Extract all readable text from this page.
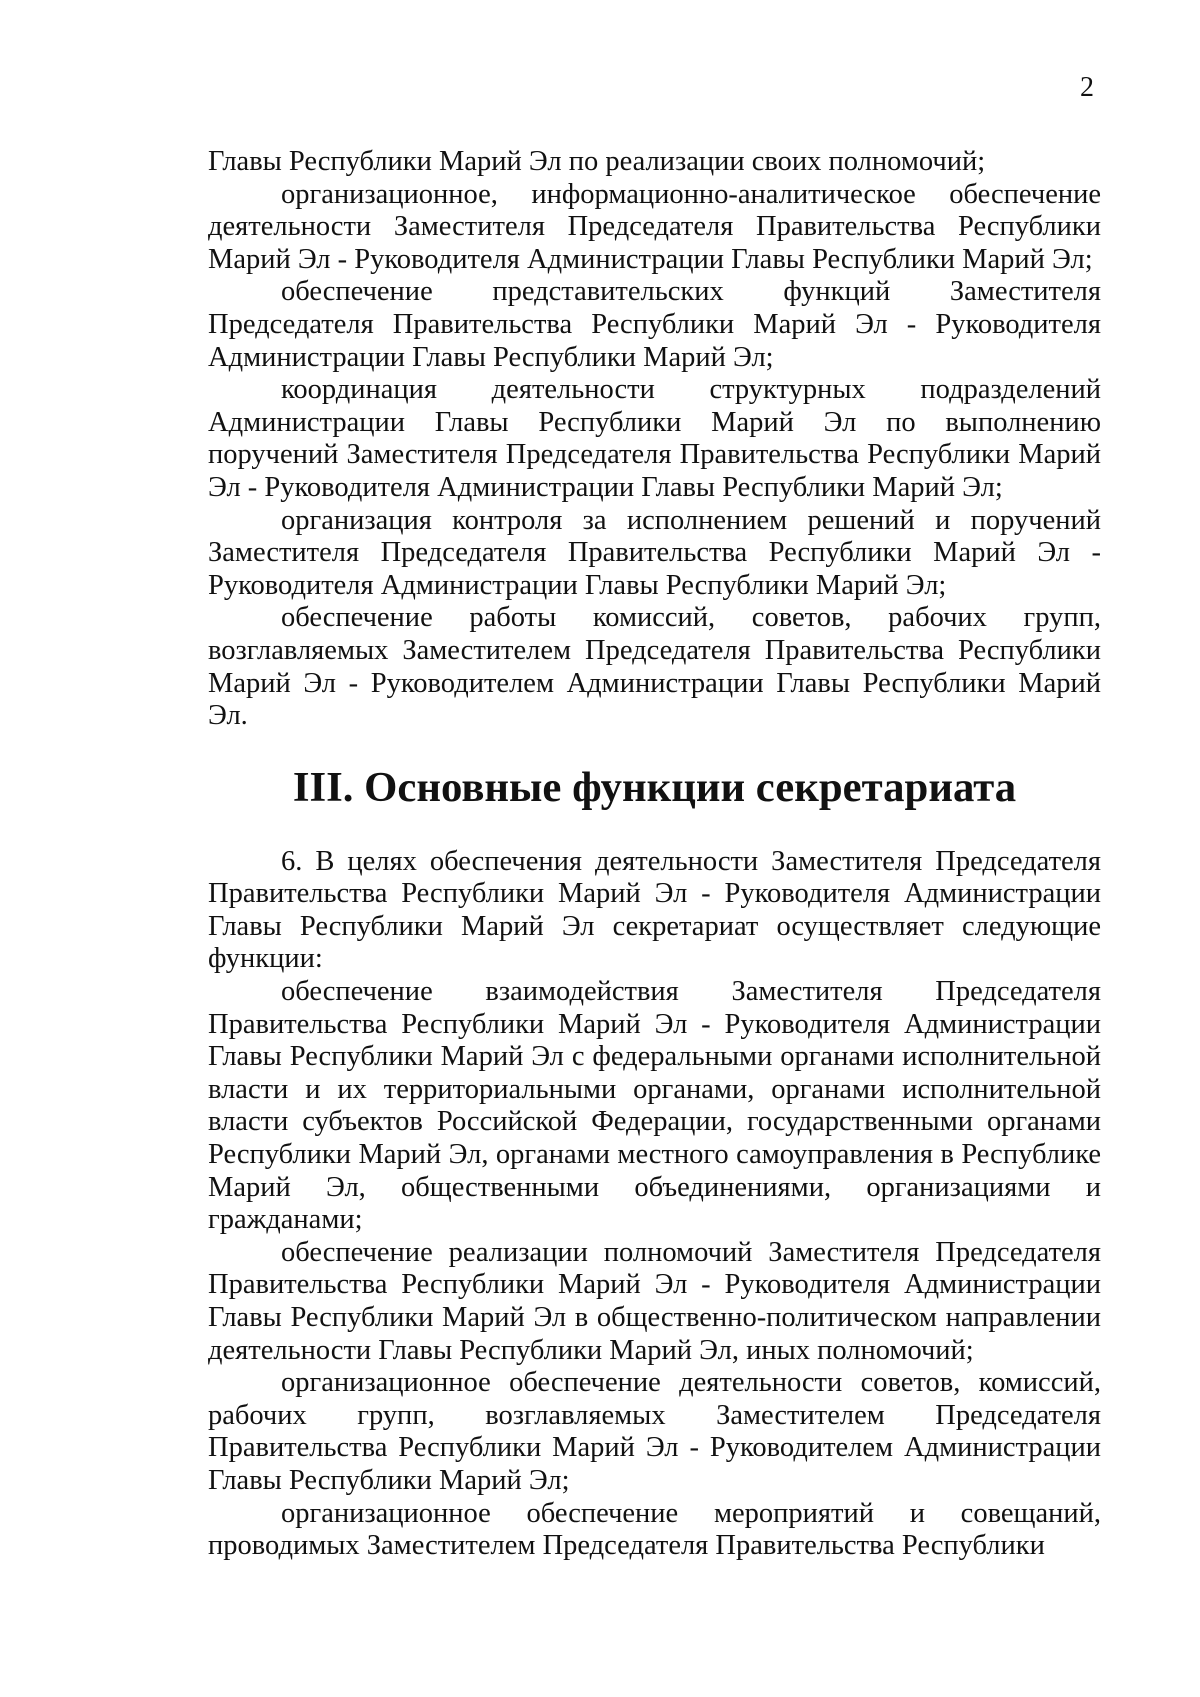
2

Главы Республики Марий Эл по реализации своих полномочий;

организационное, информационно-аналитическое обеспечение деятельности Заместителя Председателя Правительства Республики Марий Эл - Руководителя Администрации Главы Республики Марий Эл;

обеспечение представительских функций Заместителя Председателя Правительства Республики Марий Эл - Руководителя Администрации Главы Республики Марий Эл;

координация деятельности структурных подразделений Администрации Главы Республики Марий Эл по выполнению поручений Заместителя Председателя Правительства Республики Марий Эл - Руководителя Администрации Главы Республики Марий Эл;

организация контроля за исполнением решений и поручений Заместителя Председателя Правительства Республики Марий Эл - Руководителя Администрации Главы Республики Марий Эл;

обеспечение работы комиссий, советов, рабочих групп, возглавляемых Заместителем Председателя Правительства Республики Марий Эл - Руководителем Администрации Главы Республики Марий Эл.

III. Основные функции секретариата

6. В целях обеспечения деятельности Заместителя Председателя Правительства Республики Марий Эл - Руководителя Администрации Главы Республики Марий Эл секретариат осуществляет следующие функции:

обеспечение взаимодействия Заместителя Председателя Правительства Республики Марий Эл - Руководителя Администрации Главы Республики Марий Эл с федеральными органами исполнительной власти и их территориальными органами, органами исполнительной власти субъектов Российской Федерации, государственными органами Республики Марий Эл, органами местного самоуправления в Республике Марий Эл, общественными объединениями, организациями и гражданами;

обеспечение реализации полномочий Заместителя Председателя Правительства Республики Марий Эл - Руководителя Администрации Главы Республики Марий Эл в общественно-политическом направлении деятельности Главы Республики Марий Эл, иных полномочий;

организационное обеспечение деятельности советов, комиссий, рабочих групп, возглавляемых Заместителем Председателя Правительства Республики Марий Эл - Руководителем Администрации Главы Республики Марий Эл;

организационное обеспечение мероприятий и совещаний, проводимых Заместителем Председателя Правительства Республики
